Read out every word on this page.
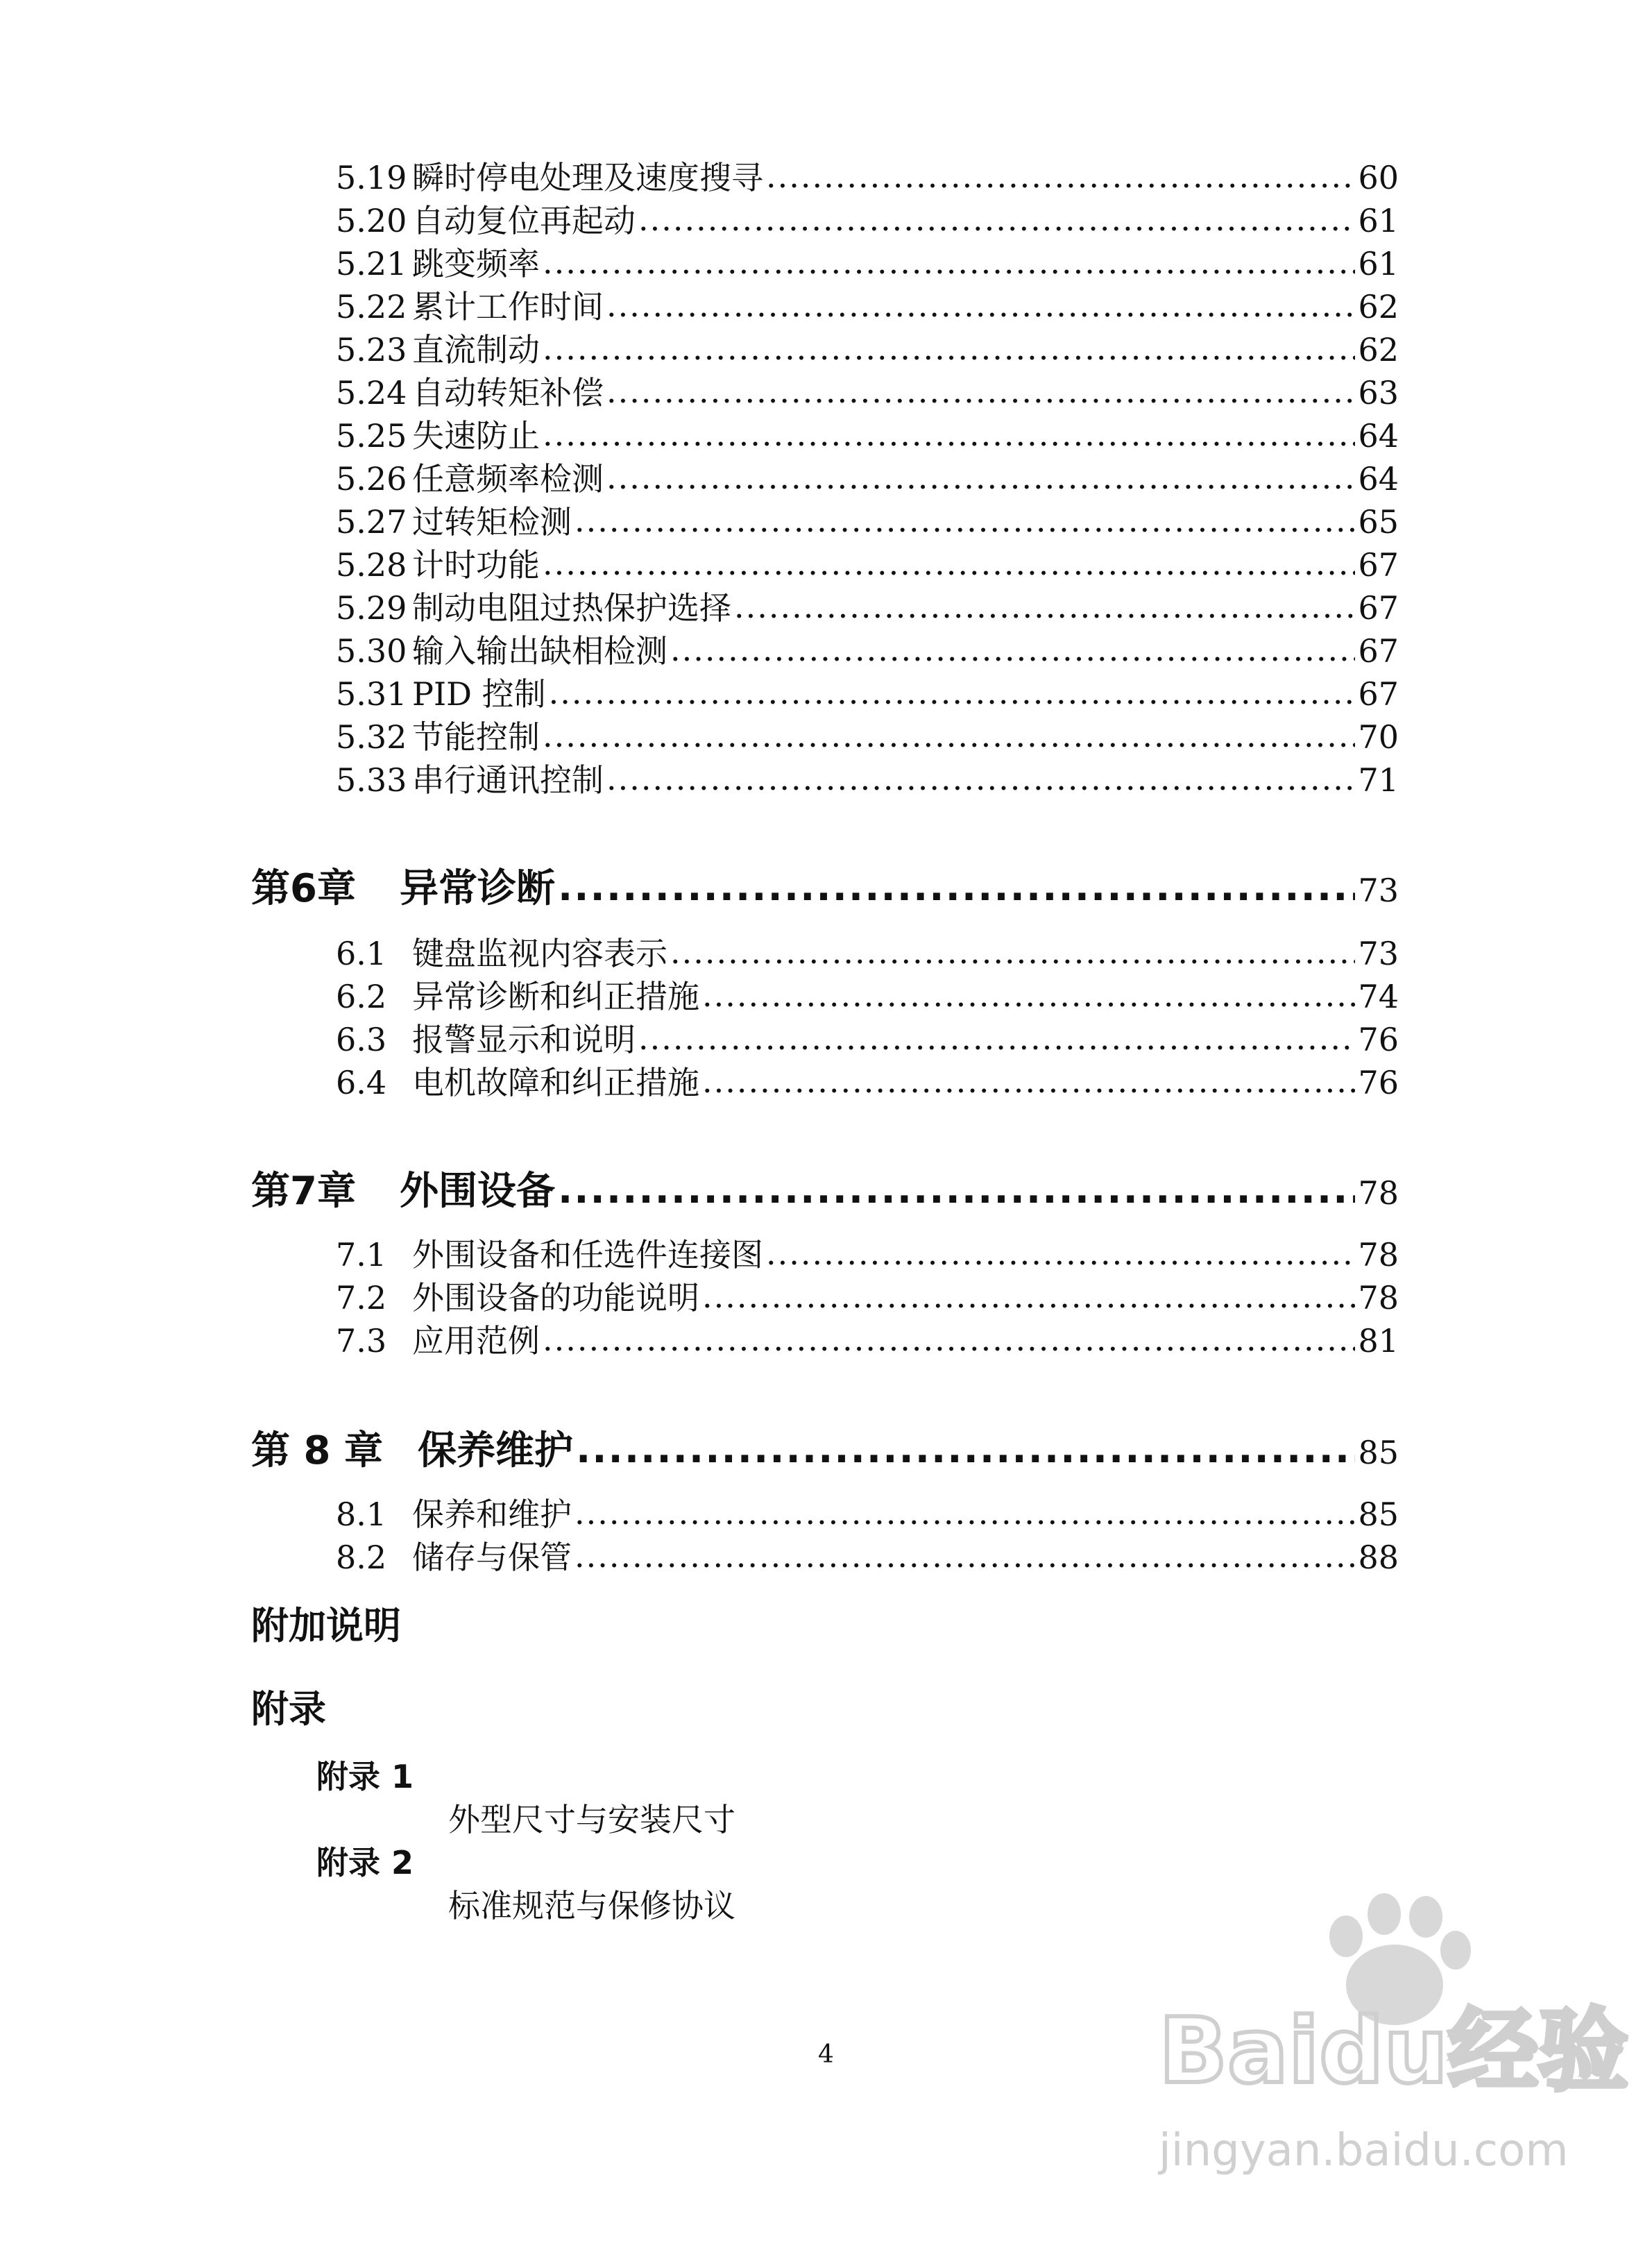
5.19 瞬时停电处理及速度搜寻 .....	60
5.20 自动复位再起动 .....	61
5.21 跳变频率 .....	61
5.22 累计工作时间 .....	62
5.23 直流制动 .....	62
5.24 自动转矩补偿 .....	63
5.25 失速防止 .....	64
5.26 任意频率检测 .....	64
5.27 过转矩检测 .....	65
5.28 计时功能 .....	67
5.29 制动电阻过热保护选择 .....	67
5.30 输入输出缺相检测 .....	67
5.31 PID 控制 .....	67
5.32 节能控制 .....	70
5.33 串行通讯控制 .....	71
第6章	异常诊断 .....	73
6.1 键盘监视内容表示 .....	73
6.2 异常诊断和纠正措施 .....	74
6.3 报警显示和说明 .....	76
6.4 电机故障和纠正措施 .....	76
第7章	外围设备 .....	78
7.1 外围设备和任选件连接图 .....	78
7.2 外围设备的功能说明 .....	78
7.3 应用范例 .....	81
第 8 章 保养维护 .....	85
8.1 保养和维护 .....	85
8.2 储存与保管 .....	88
附加说明
附录
附录 1
外型尺寸与安装尺寸
附录 2
标准规范与保修协议
4	Baidu经验
jingyan.baidu.com
